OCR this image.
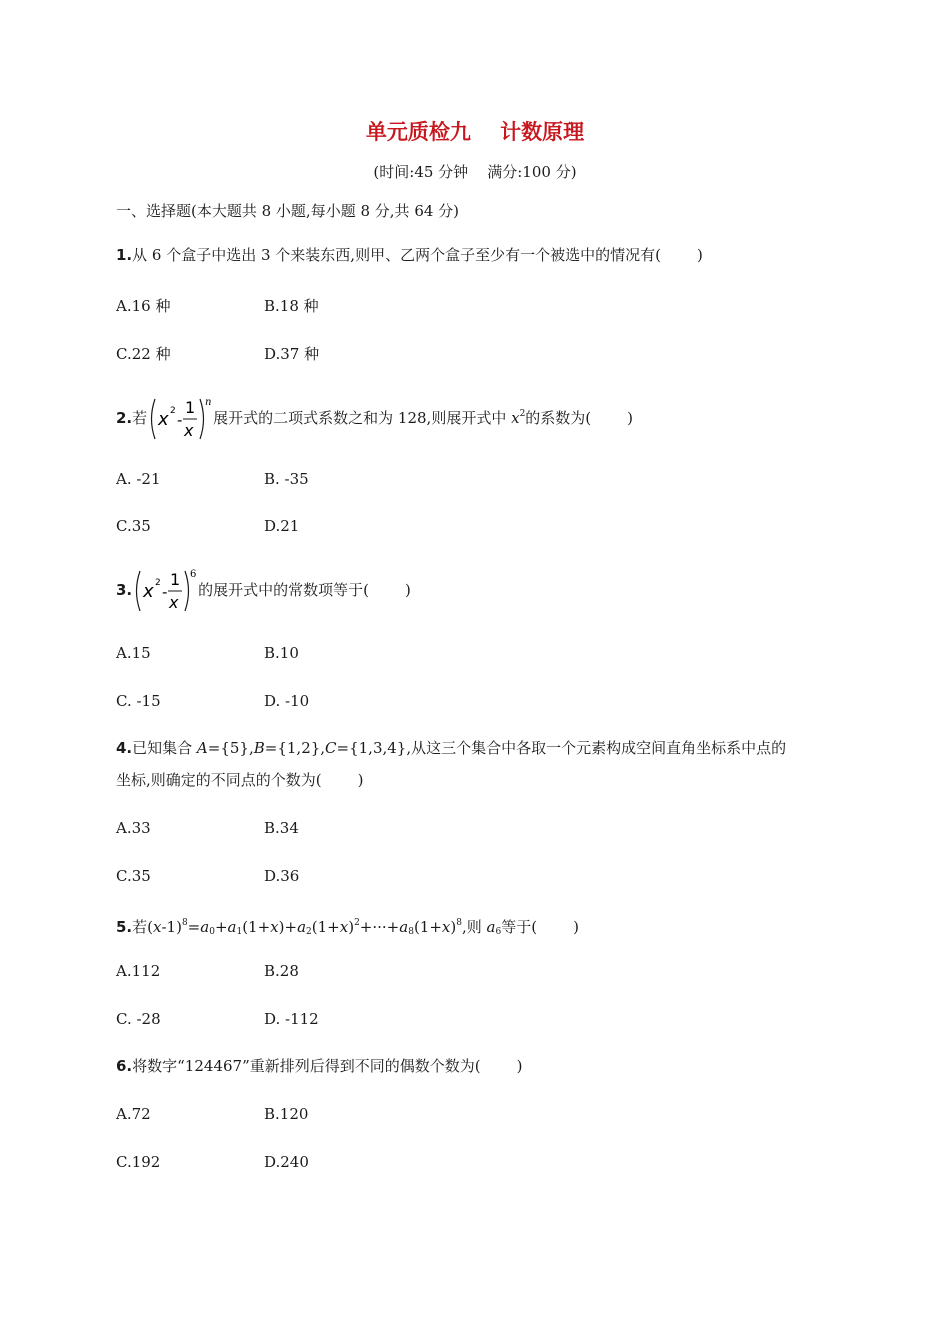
单元质检九    计数原理
(时间:45 分钟    满分:100 分)
一、选择题(本大题共 8 小题,每小题 8 分,共 64 分)
1.从 6 个盒子中选出 3 个来装东西,则甲、乙两个盒子至少有一个被选中的情况有( )
A.16 种	B.18 种
C.22 种	D.37 种
2.若 x 2 -
1
x
n
展开式的二项式系数之和为 128,则展开式中 $x^2$的系数为( )
A. -21	B. -35
C.35	D.21
3. x 2 -
1
x
6
的展开式中的常数项等于( )
A.15	B.10
C. -15	D. -10
4.已知集合 A={5},B={1,2},C={1,3,4},从这三个集合中各取一个元素构成空间直角坐标系中点的
坐标,则确定的不同点的个数为( )
A.33	B.34
C.35	D.36
5.若$(x-1)^8=a_0+a_1(1+x)+a_2(1+x)^2+\cdot\cdot\cdot+a_8(1+x)^8$,则 $a_6$等于( )
A.112	B.28
C. -28	D. -112
6.将数字“124467”重新排列后得到不同的偶数个数为( )
A.72	B.120
C.192	D.240
